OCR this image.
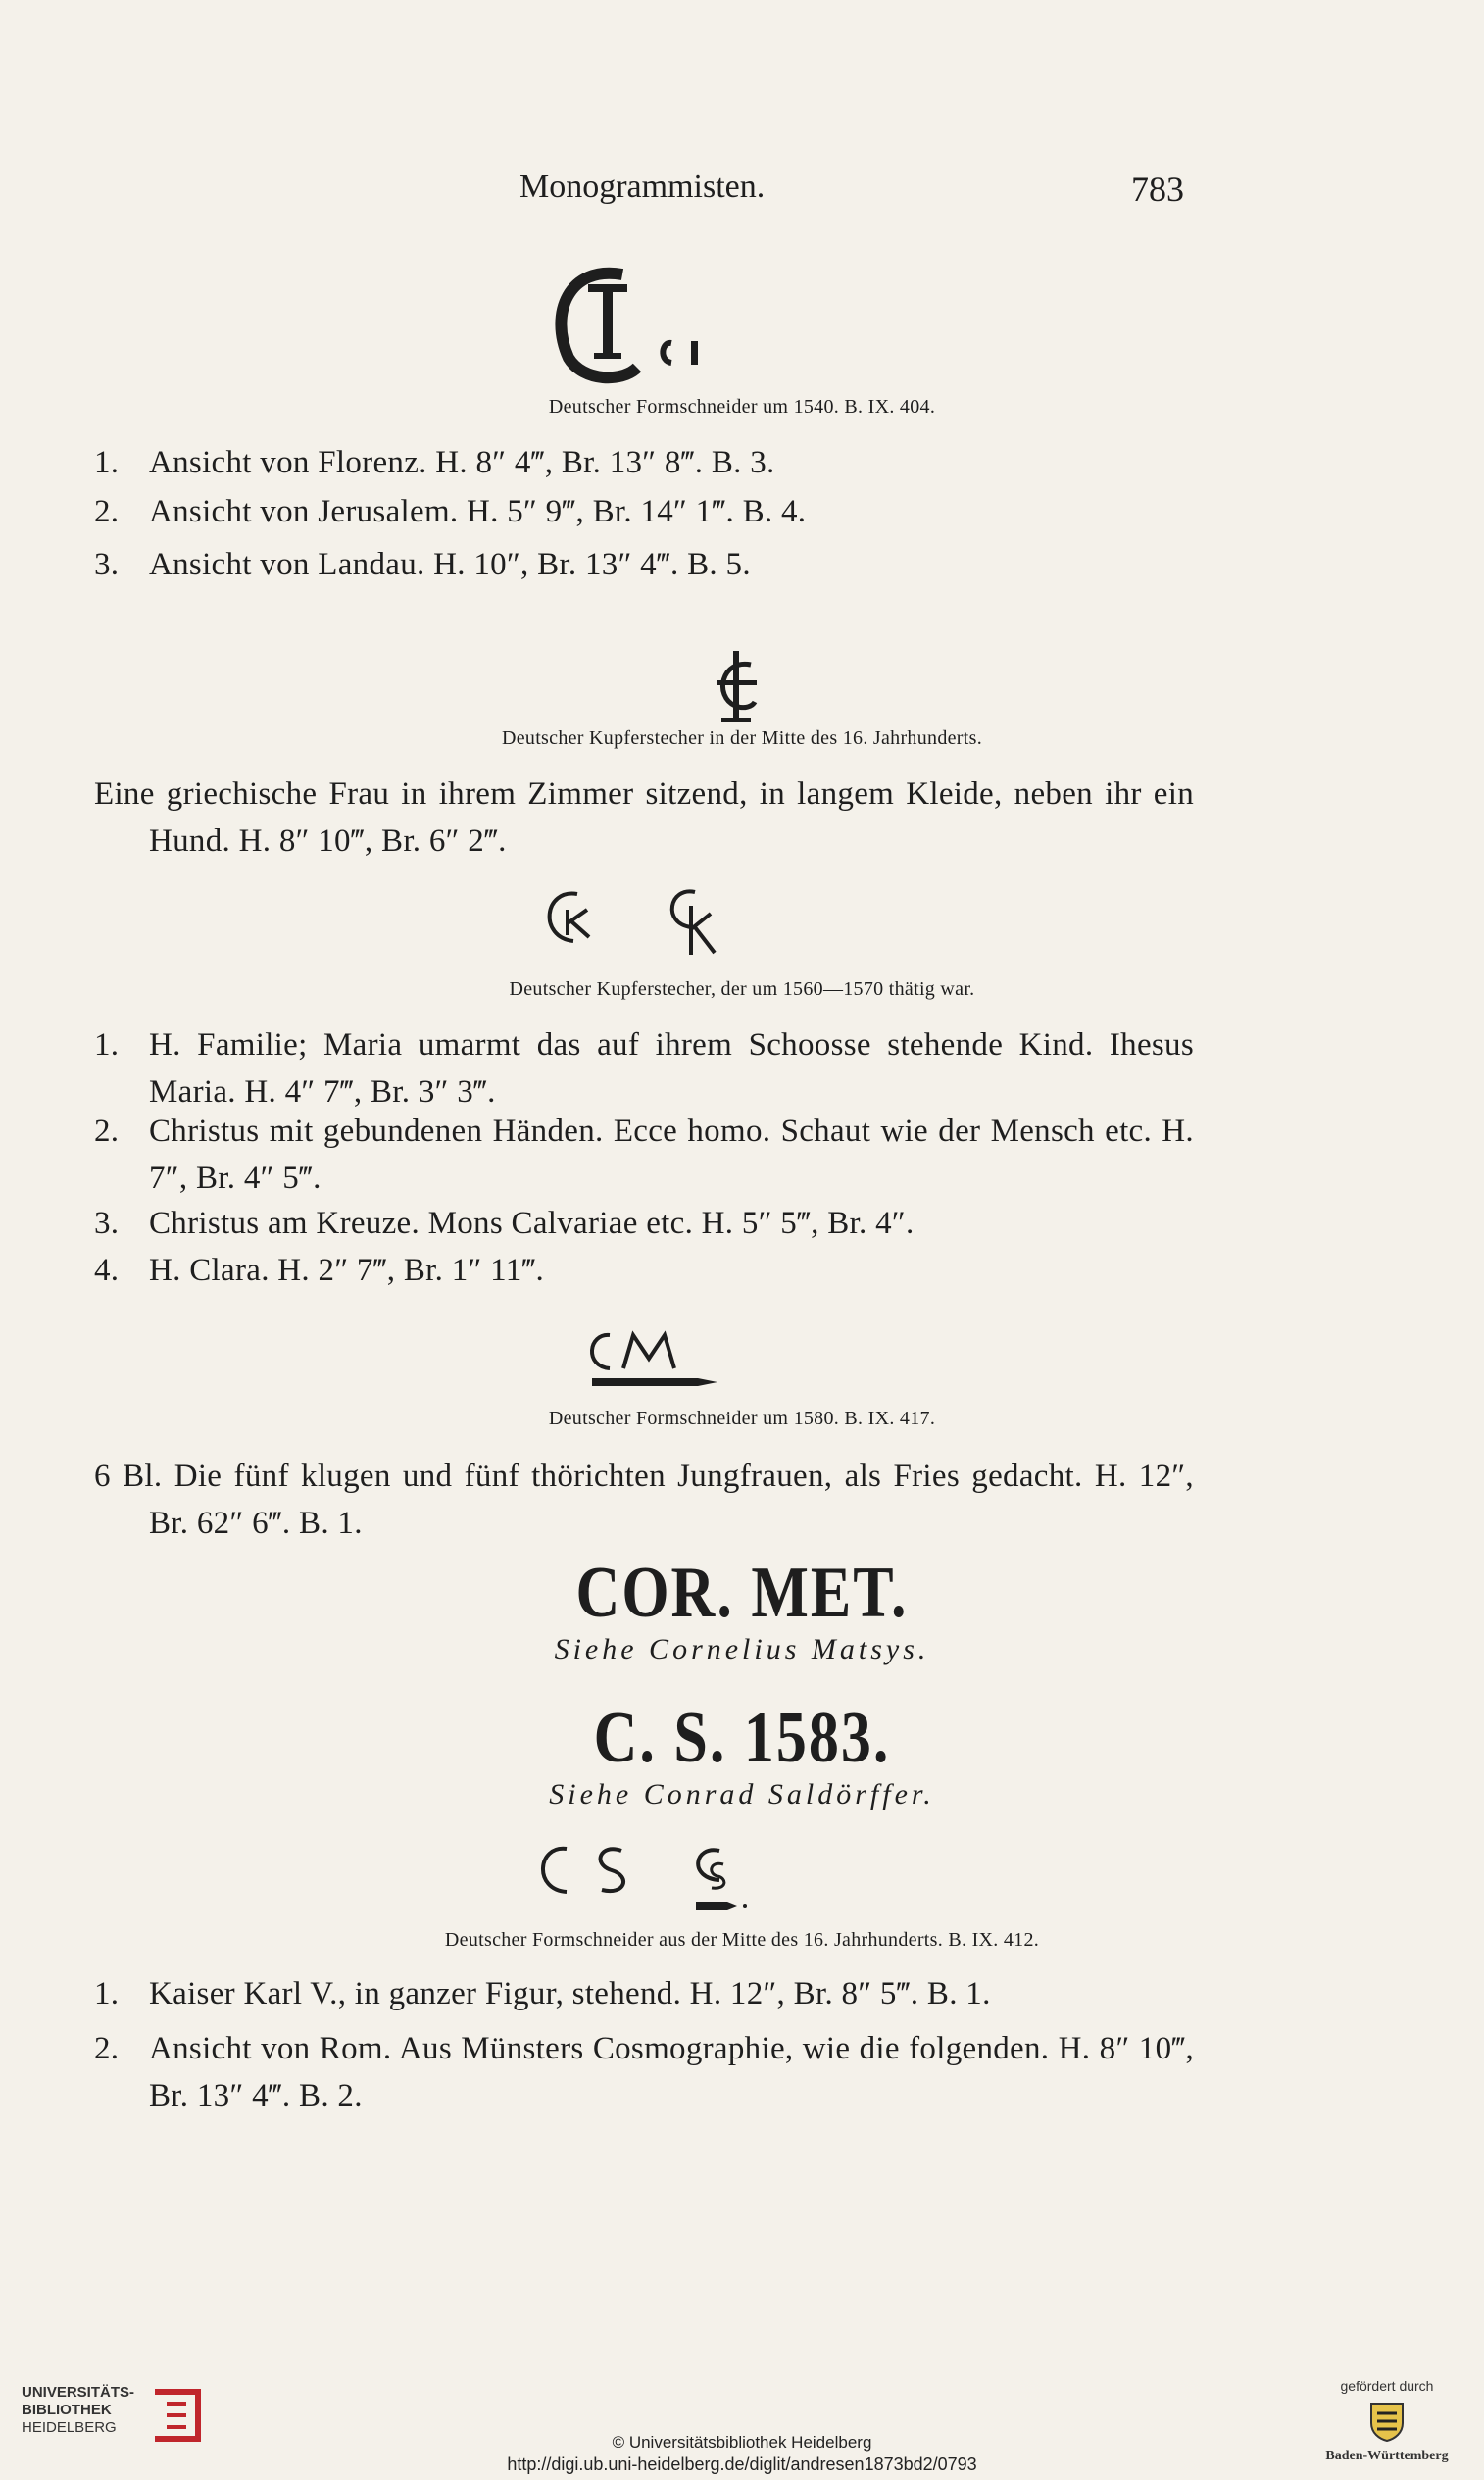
Monogrammisten.	783
Deutscher Formschneider um 1540. B. IX. 404.
1. Ansicht von Florenz. H. 8″ 4‴, Br. 13″ 8‴. B. 3.
2. Ansicht von Jerusalem. H. 5″ 9‴, Br. 14″ 1‴. B. 4.
3. Ansicht von Landau. H. 10″, Br. 13″ 4‴. B. 5.
Deutscher Kupferstecher in der Mitte des 16. Jahrhunderts.
Eine griechische Frau in ihrem Zimmer sitzend, in langem Kleide, neben ihr ein Hund. H. 8″ 10‴, Br. 6″ 2‴.
Deutscher Kupferstecher, der um 1560—1570 thätig war.
1. H. Familie; Maria umarmt das auf ihrem Schoosse stehende Kind. Ihesus Maria. H. 4″ 7‴, Br. 3″ 3‴.
2. Christus mit gebundenen Händen. Ecce homo. Schaut wie der Mensch etc. H. 7″, Br. 4″ 5‴.
3. Christus am Kreuze. Mons Calvariae etc. H. 5″ 5‴, Br. 4″.
4. H. Clara. H. 2″ 7‴, Br. 1″ 11‴.
Deutscher Formschneider um 1580. B. IX. 417.
6 Bl. Die fünf klugen und fünf thörichten Jungfrauen, als Fries gedacht. H. 12″, Br. 62″ 6‴. B. 1.
COR. MET.
Siehe Cornelius Matsys.
C. S. 1583.
Siehe Conrad Saldörffer.
Deutscher Formschneider aus der Mitte des 16. Jahrhunderts. B. IX. 412.
1. Kaiser Karl V., in ganzer Figur, stehend. H. 12″, Br. 8″ 5‴. B. 1.
2. Ansicht von Rom. Aus Münsters Cosmographie, wie die folgenden. H. 8″ 10‴, Br. 13″ 4‴. B. 2.
UNIVERSITÄTS-
BIBLIOTHEK
HEIDELBERG
© Universitätsbibliothek Heidelberg
http://digi.ub.uni-heidelberg.de/diglit/andresen1873bd2/0793
gefördert durch
Baden-Württemberg
